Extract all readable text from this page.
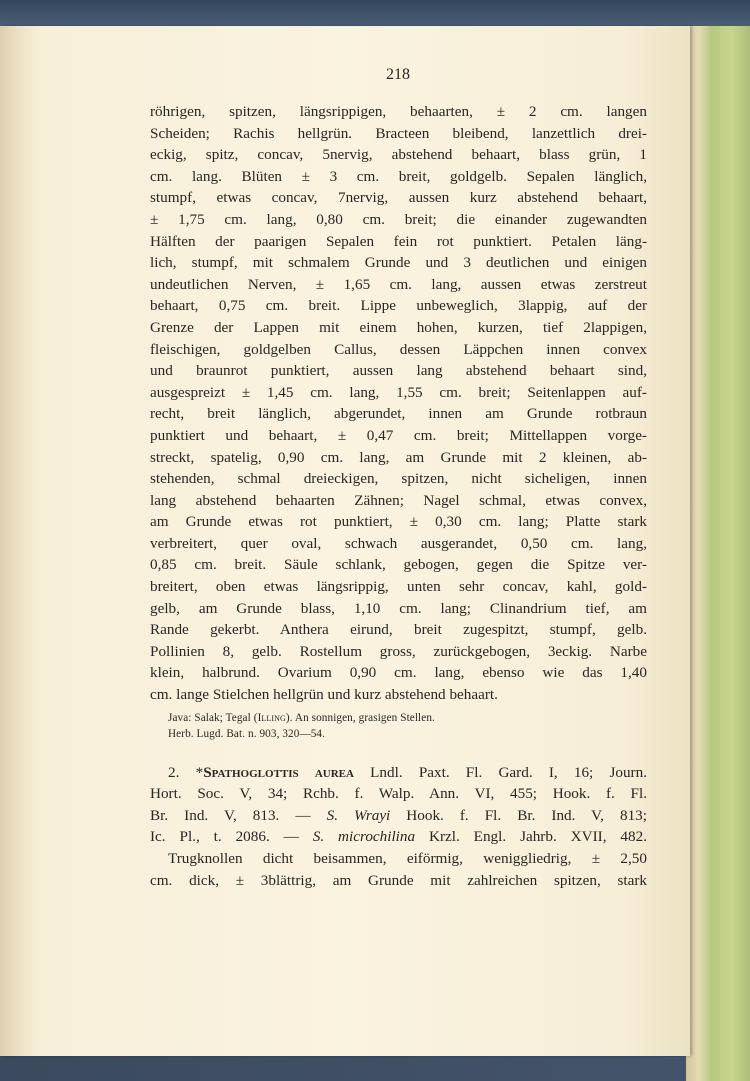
218
röhrigen, spitzen, längsrippigen, behaarten, ± 2 cm. langen
Scheiden; Rachis hellgrün. Bracteen bleibend, lanzettlich drei-
eckig, spitz, concav, 5nervig, abstehend behaart, blass grün, 1
cm. lang. Blüten ± 3 cm. breit, goldgelb. Sepalen länglich,
stumpf, etwas concav, 7nervig, aussen kurz abstehend behaart,
± 1,75 cm. lang, 0,80 cm. breit; die einander zugewandten
Hälften der paarigen Sepalen fein rot punktiert. Petalen läng-
lich, stumpf, mit schmalem Grunde und 3 deutlichen und einigen
undeutlichen Nerven, ± 1,65 cm. lang, aussen etwas zerstreut
behaart, 0,75 cm. breit. Lippe unbeweglich, 3lappig, auf der
Grenze der Lappen mit einem hohen, kurzen, tief 2lappigen,
fleischigen, goldgelben Callus, dessen Läppchen innen convex
und braunrot punktiert, aussen lang abstehend behaart sind,
ausgespreizt ± 1,45 cm. lang, 1,55 cm. breit; Seitenlappen auf-
recht, breit länglich, abgerundet, innen am Grunde rotbraun
punktiert und behaart, ± 0,47 cm. breit; Mittellappen vorge-
streckt, spatelig, 0,90 cm. lang, am Grunde mit 2 kleinen, ab-
stehenden, schmal dreieckigen, spitzen, nicht sicheligen, innen
lang abstehend behaarten Zähnen; Nagel schmal, etwas convex,
am Grunde etwas rot punktiert, ± 0,30 cm. lang; Platte stark
verbreitert, quer oval, schwach ausgerandet, 0,50 cm. lang,
0,85 cm. breit. Säule schlank, gebogen, gegen die Spitze ver-
breitert, oben etwas längsrippig, unten sehr concav, kahl, gold-
gelb, am Grunde blass, 1,10 cm. lang; Clinandrium tief, am
Rande gekerbt. Anthera eirund, breit zugespitzt, stumpf, gelb.
Pollinien 8, gelb. Rostellum gross, zurückgebogen, 3eckig. Narbe
klein, halbrund. Ovarium 0,90 cm. lang, ebenso wie das 1,40
cm. lange Stielchen hellgrün und kurz abstehend behaart.
Java: Salak; Tegal (Illing). An sonnigen, grasigen Stellen.
Herb. Lugd. Bat. n. 903, 320—54.
2. *Spathoglottis aurea Lndl. Paxt. Fl. Gard. I, 16; Journ.
Hort. Soc. V, 34; Rchb. f. Walp. Ann. VI, 455; Hook. f. Fl.
Br. Ind. V, 813. — S. Wrayi Hook. f. Fl. Br. Ind. V, 813;
Ic. Pl., t. 2086. — S. microchilina Krzl. Engl. Jahrb. XVII, 482.
Trugknollen dicht beisammen, eiförmig, weniggliedrig, ± 2,50
cm. dick, ± 3blättrig, am Grunde mit zahlreichen spitzen, stark
